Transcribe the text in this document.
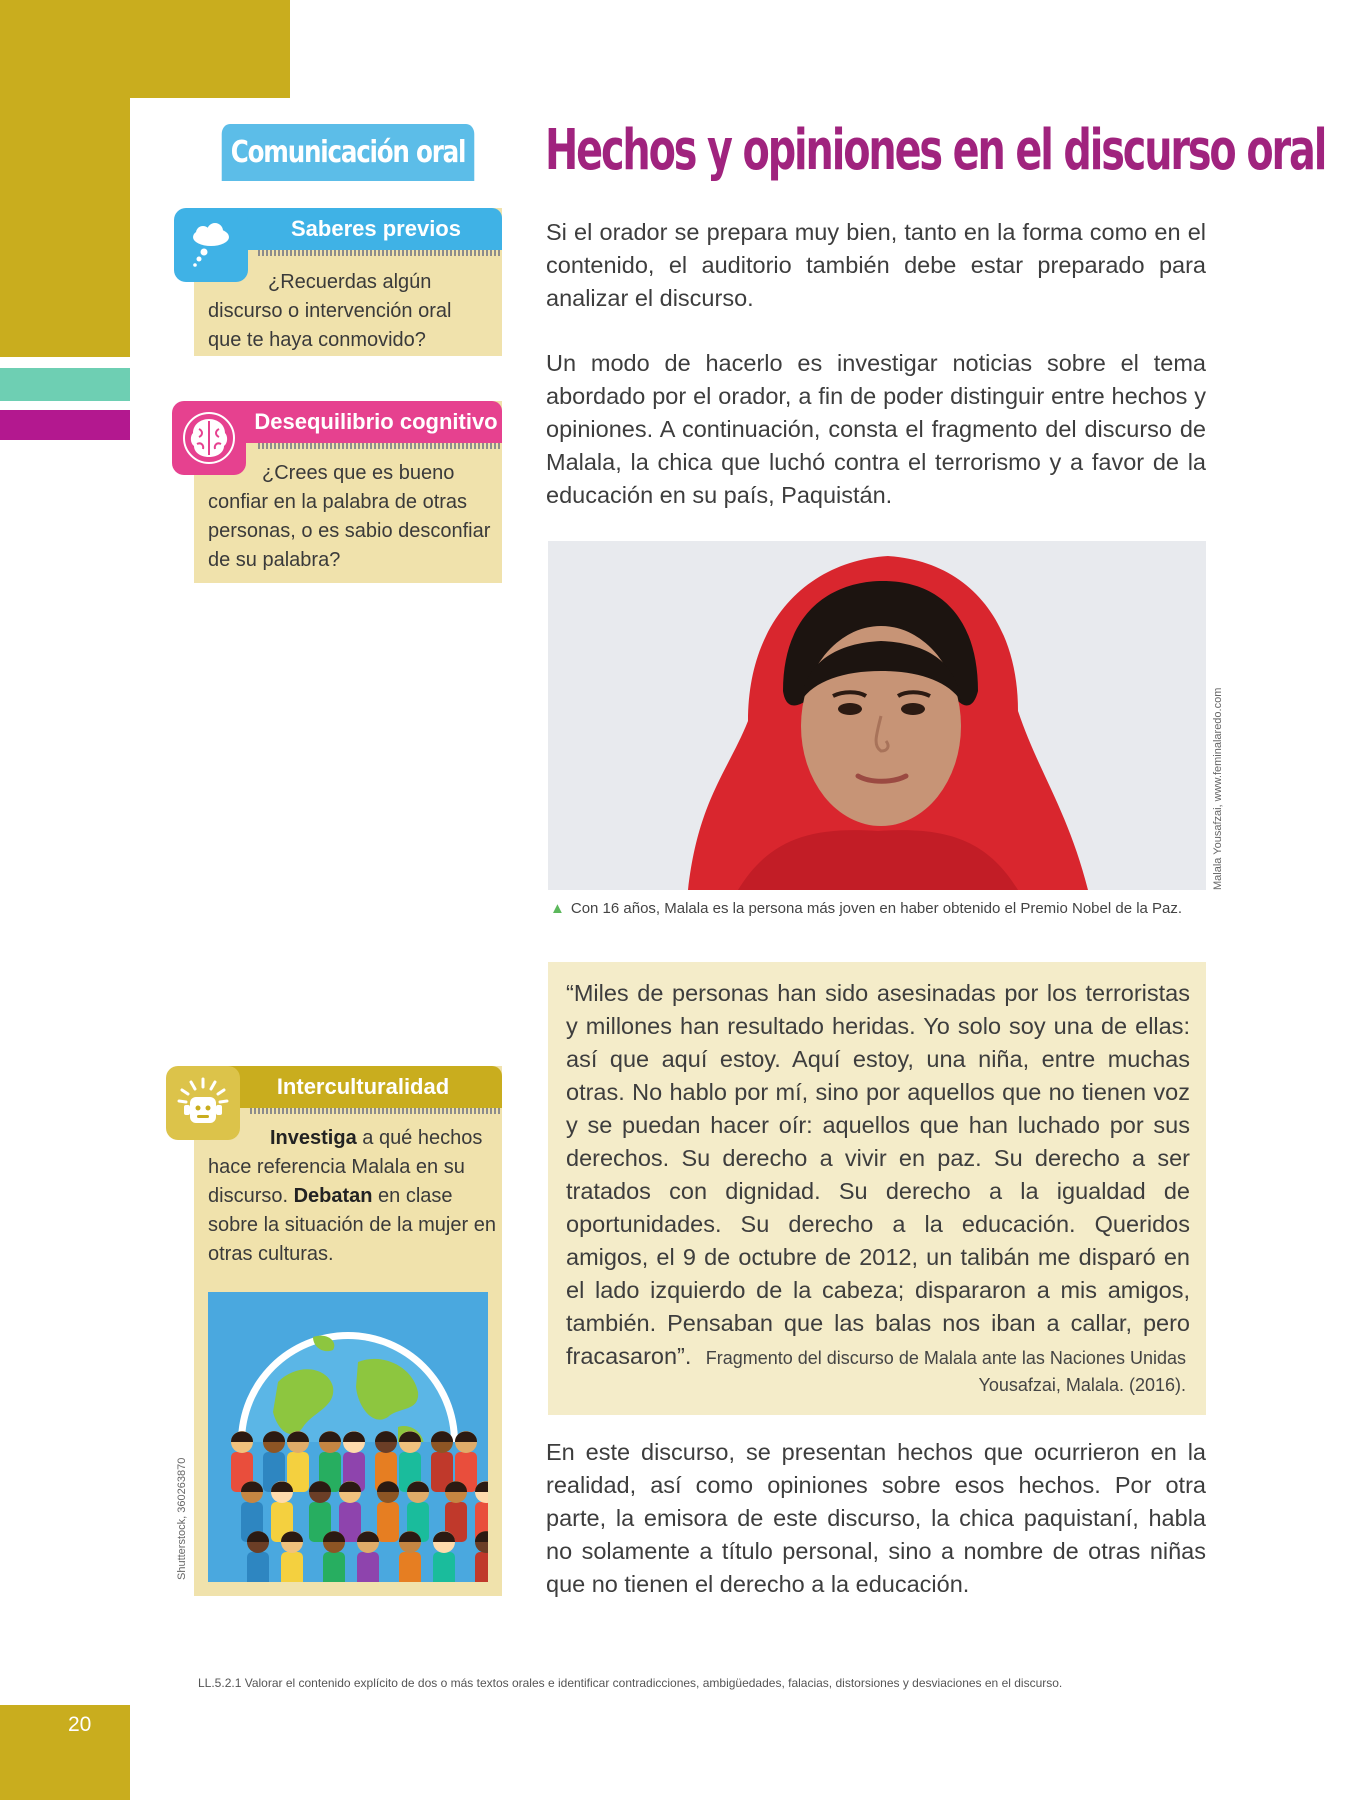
20
Comunicación oral Hechos y opiniones en el discurso oral
Saberes previos
¿Recuerdas algún discurso o intervención oral que te haya conmovido?
Desequilibrio cognitivo
¿Crees que es bueno confiar en la palabra de otras personas, o es sabio desconfiar de su palabra?
Interculturalidad
Investiga a qué hechos hace referencia Malala en su discurso. Debatan en clase sobre la situación de la mujer en otras culturas.
Shutterstock, 360263870

Si el orador se prepara muy bien, tanto en la forma como en el contenido, el auditorio también debe estar preparado para analizar el discurso.

Un modo de hacerlo es investigar noticias sobre el tema abordado por el orador, a fin de poder distinguir entre hechos y opiniones. A continuación, consta el fragmento del discurso de Malala, la chica que luchó contra el terrorismo y a favor de la educación en su país, Paquistán.

Malala Yousafzai, www.feminalaredo.com
▲ Con 16 años, Malala es la persona más joven en haber obtenido el Premio Nobel de la Paz.

“Miles de personas han sido asesinadas por los terroristas y millones han resultado heridas. Yo solo soy una de ellas: así que aquí estoy. Aquí estoy, una niña, entre muchas otras. No hablo por mí, sino por aquellos que no tienen voz y se puedan hacer oír: aquellos que han luchado por sus derechos. Su derecho a vivir en paz. Su derecho a ser tratados con dignidad. Su derecho a la igualdad de oportunidades. Su derecho a la educación. Queridos amigos, el 9 de octubre de 2012, un talibán me disparó en el lado izquierdo de la cabeza; dispararon a mis amigos, también. Pensaban que las balas nos iban a callar, pero fracasaron”. Fragmento del discurso de Malala ante las Naciones Unidas
Yousafzai, Malala. (2016).

En este discurso, se presentan hechos que ocurrieron en la realidad, así como opiniones sobre esos hechos. Por otra parte, la emisora de este discurso, la chica paquistaní, habla no solamente a título personal, sino a nombre de otras niñas que no tienen el derecho a la educación.

LL.5.2.1 Valorar el contenido explícito de dos o más textos orales e identificar contradicciones, ambigüedades, falacias, distorsiones y desviaciones en el discurso.
